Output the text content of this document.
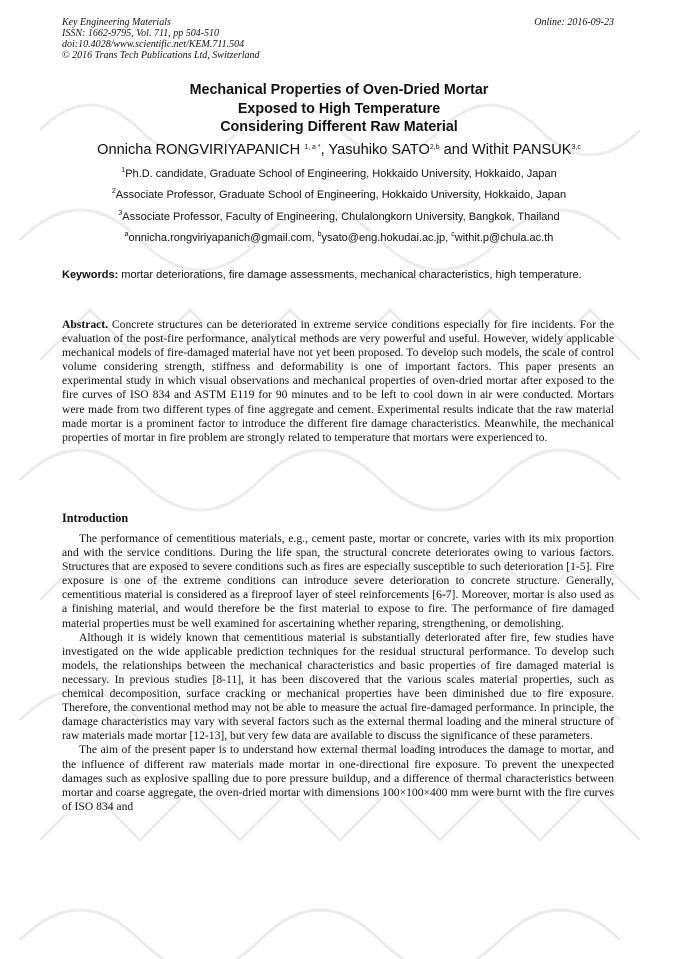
Key Engineering Materials
ISSN: 1662-9795, Vol. 711, pp 504-510
doi:10.4028/www.scientific.net/KEM.711.504
© 2016 Trans Tech Publications Ltd, Switzerland
Online: 2016-09-23
Mechanical Properties of Oven-Dried Mortar
Exposed to High Temperature
Considering Different Raw Material
Onnicha RONGVIRIYAPANICH $^{1, a *}$, Yasuhiko SATO$^{2,b}$ and Withit PANSUK$^{3,c}$
$^1$Ph.D. candidate, Graduate School of Engineering, Hokkaido University, Hokkaido, Japan
$^2$Associate Professor, Graduate School of Engineering, Hokkaido University, Hokkaido, Japan
$^3$Associate Professor, Faculty of Engineering, Chulalongkorn University, Bangkok, Thailand
$^a$onnicha.rongviriyapanich@gmail.com, $^b$ysato@eng.hokudai.ac.jp, $^c$withit.p@chula.ac.th
Keywords: mortar deteriorations, fire damage assessments, mechanical characteristics, high temperature.
Abstract. Concrete structures can be deteriorated in extreme service conditions especially for fire incidents. For the evaluation of the post-fire performance, analytical methods are very powerful and useful. However, widely applicable mechanical models of fire-damaged material have not yet been proposed. To develop such models, the scale of control volume considering strength, stiffness and deformability is one of important factors. This paper presents an experimental study in which visual observations and mechanical properties of oven-dried mortar after exposed to the fire curves of ISO 834 and ASTM E119 for 90 minutes and to be left to cool down in air were conducted. Mortars were made from two different types of fine aggregate and cement. Experimental results indicate that the raw material made mortar is a prominent factor to introduce the different fire damage characteristics. Meanwhile, the mechanical properties of mortar in fire problem are strongly related to temperature that mortars were experienced to.
Introduction

The performance of cementitious materials, e.g., cement paste, mortar or concrete, varies with its mix proportion and with the service conditions. During the life span, the structural concrete deteriorates owing to various factors. Structures that are exposed to severe conditions such as fires are especially susceptible to such deterioration [1-5]. Fire exposure is one of the extreme conditions can introduce severe deterioration to concrete structure. Generally, cementitious material is considered as a fireproof layer of steel reinforcements [6-7]. Moreover, mortar is also used as a finishing material, and would therefore be the first material to expose to fire. The performance of fire damaged material properties must be well examined for ascertaining whether reparing, strengthening, or demolishing.

Although it is widely known that cementitious material is substantially deteriorated after fire, few studies have investigated on the wide applicable prediction techniques for the residual structural performance. To develop such models, the relationships between the mechanical characteristics and basic properties of fire damaged material is necessary. In previous studies [8-11], it has been discovered that the various scales material properties, such as chemical decomposition, surface cracking or mechanical properties have been diminished due to fire exposure. Therefore, the conventional method may not be able to measure the actual fire-damaged performance. In principle, the damage characteristics may vary with several factors such as the external thermal loading and the mineral structure of raw materials made mortar [12-13], but very few data are available to discuss the significance of these parameters.

The aim of the present paper is to understand how external thermal loading introduces the damage to mortar, and the influence of different raw materials made mortar in one-directional fire exposure. To prevent the unexpected damages such as explosive spalling due to pore pressure buildup, and a difference of thermal characteristics between mortar and coarse aggregate, the oven-dried mortar with dimensions 100×100×400 mm were burnt with the fire curves of ISO 834 and
